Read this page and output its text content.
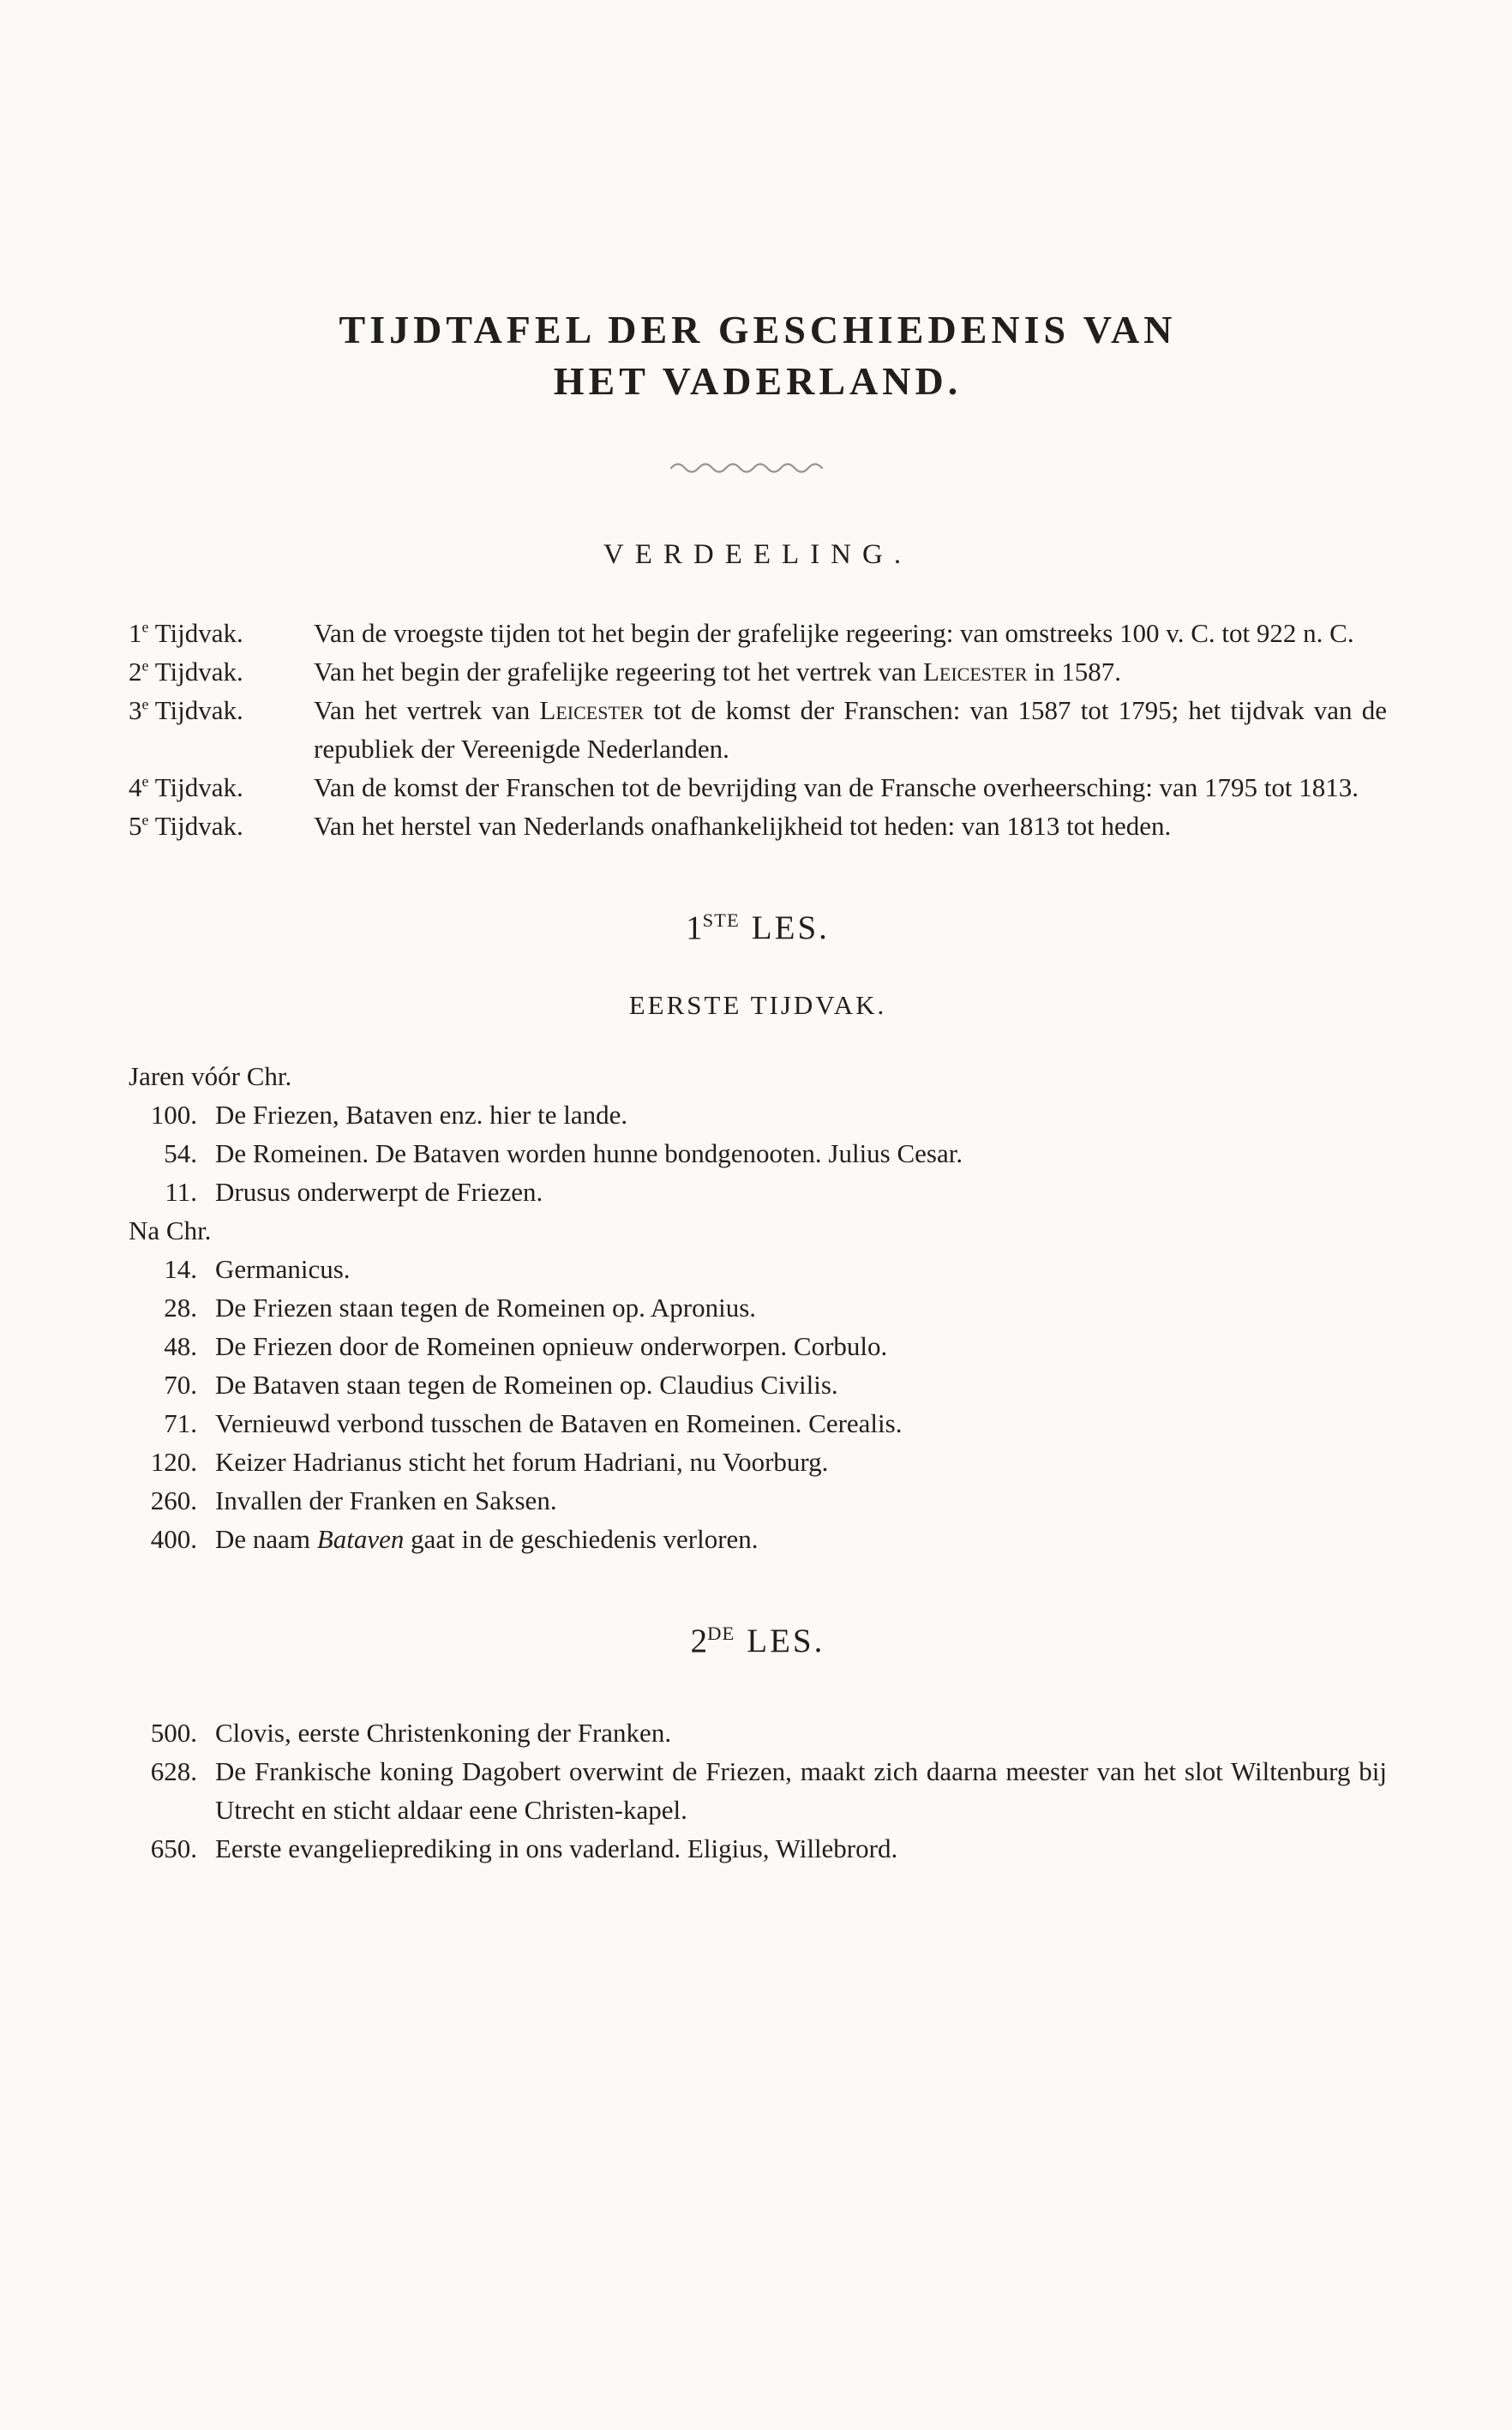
TIJDTAFEL DER GESCHIEDENIS VAN
HET VADERLAND.
VERDEELING.
1e Tijdvak.	Van de vroegste tijden tot het begin der grafelijke regeering: van omstreeks 100 v. C. tot 922 n. C.
2e Tijdvak.	Van het begin der grafelijke regeering tot het vertrek van Leicester in 1587.
3e Tijdvak.	Van het vertrek van Leicester tot de komst der Franschen: van 1587 tot 1795; het tijdvak van de republiek der Vereenigde Nederlanden.
4e Tijdvak.	Van de komst der Franschen tot de bevrijding van de Fransche overheersching: van 1795 tot 1813.
5e Tijdvak.	Van het herstel van Nederlands onafhankelijkheid tot heden: van 1813 tot heden.
1STE LES.
EERSTE TIJDVAK.
Jaren vóór Chr.
100. De Friezen, Bataven enz. hier te lande.
54. De Romeinen. De Bataven worden hunne bondgenooten. Julius Cesar.
11. Drusus onderwerpt de Friezen.
Na Chr.
14. Germanicus.
28. De Friezen staan tegen de Romeinen op. Apronius.
48. De Friezen door de Romeinen opnieuw onderworpen. Corbulo.
70. De Bataven staan tegen de Romeinen op. Claudius Civilis.
71. Vernieuwd verbond tusschen de Bataven en Romeinen. Cerealis.
120. Keizer Hadrianus sticht het forum Hadriani, nu Voorburg.
260. Invallen der Franken en Saksen.
400. De naam Bataven gaat in de geschiedenis verloren.
2DE LES.
500. Clovis, eerste Christenkoning der Franken.
628. De Frankische koning Dagobert overwint de Friezen, maakt zich daarna meester van het slot Wiltenburg bij Utrecht en sticht aldaar eene Christen-kapel.
650. Eerste evangelieprediking in ons vaderland. Eligius, Willebrord.
